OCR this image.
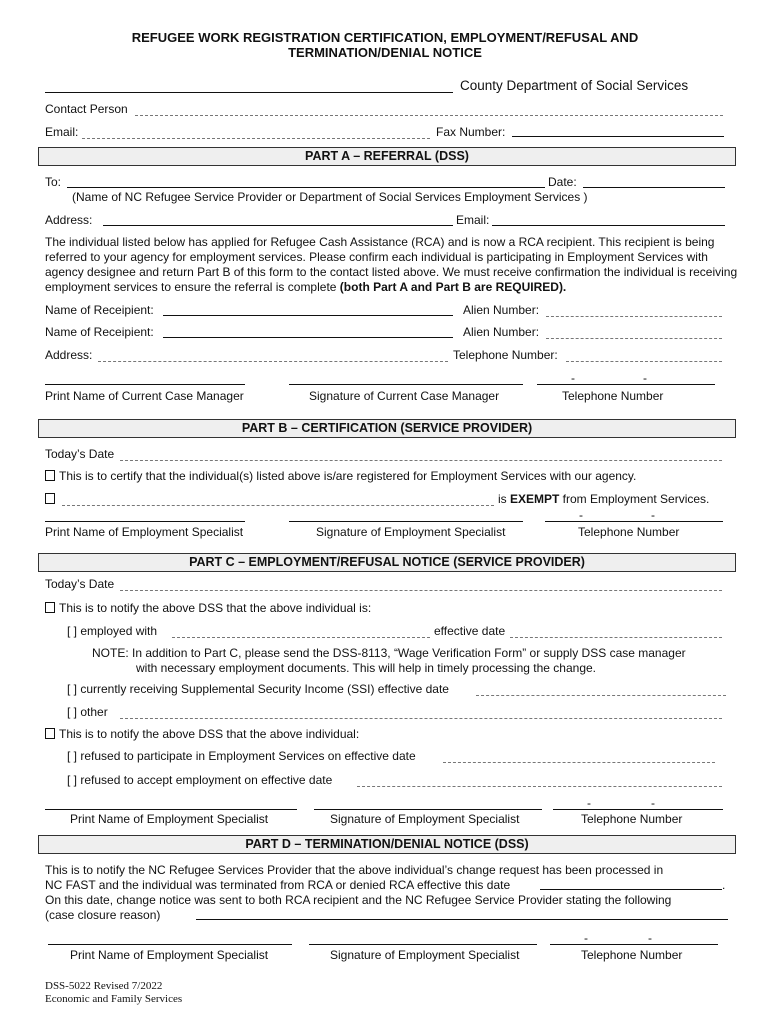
REFUGEE WORK REGISTRATION CERTIFICATION, EMPLOYMENT/REFUSAL AND
TERMINATION/DENIAL NOTICE
County Department of Social Services
Contact Person
Email:	Fax Number:
PART A – REFERRAL (DSS)
To:	Date:
(Name of NC Refugee Service Provider or Department of Social Services Employment Services )
Address:	Email:
The individual listed below has applied for Refugee Cash Assistance (RCA) and is now a RCA recipient. This recipient is being referred to your agency for employment services. Please confirm each individual is participating in Employment Services with agency designee and return Part B of this form to the contact listed above. We must receive confirmation the individual is receiving employment services to ensure the referral is complete (both Part A and Part B are REQUIRED).
Name of Receipient:	Alien Number:
Name of Receipient:	Alien Number:
Address:	Telephone Number:
-	-
Print Name of Current Case Manager	Signature of Current Case Manager	Telephone Number
PART B – CERTIFICATION (SERVICE PROVIDER)
Today’s Date
This is to certify that the individual(s) listed above is/are registered for Employment Services with our agency.
is EXEMPT from Employment Services.
-	-
Print Name of Employment Specialist	Signature of Employment Specialist	Telephone Number
PART C – EMPLOYMENT/REFUSAL NOTICE (SERVICE PROVIDER)
Today’s Date
This is to notify the above DSS that the above individual is:
[ ] employed with	effective date
NOTE: In addition to Part C, please send the DSS-8113, “Wage Verification Form” or supply DSS case manager
with necessary employment documents. This will help in timely processing the change.
[ ] currently receiving Supplemental Security Income (SSI) effective date
[ ] other
This is to notify the above DSS that the above individual:
[ ] refused to participate in Employment Services on effective date
[ ] refused to accept employment on effective date
-	-
Print Name of Employment Specialist	Signature of Employment Specialist	Telephone Number
PART D – TERMINATION/DENIAL NOTICE (DSS)
This is to notify the NC Refugee Services Provider that the above individual’s change request has been processed in
NC FAST and the individual was terminated from RCA or denied RCA effective this date	.
On this date, change notice was sent to both RCA recipient and the NC Refugee Service Provider stating the following
(case closure reason)
-	-
Print Name of Employment Specialist	Signature of Employment Specialist	Telephone Number
DSS-5022 Revised 7/2022
Economic and Family Services
